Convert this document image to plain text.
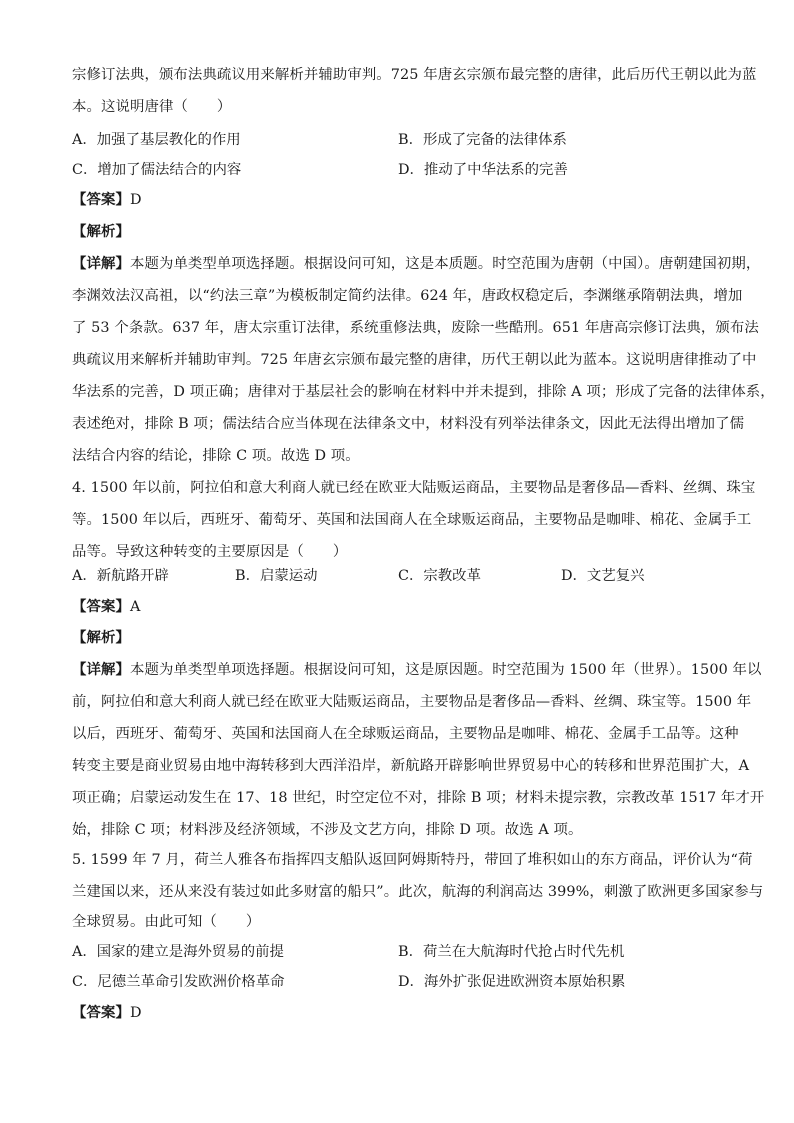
宗修订法典，颁布法典疏议用来解析并辅助审判。725 年唐玄宗颁布最完整的唐律，此后历代王朝以此为蓝
本。这说明唐律（　　）
A．加强了基层教化的作用	B．形成了完备的法律体系
C．增加了儒法结合的内容	D．推动了中华法系的完善
【答案】D
【解析】
【详解】本题为单类型单项选择题。根据设问可知，这是本质题。时空范围为唐朝（中国）。唐朝建国初期，
李渊效法汉高祖，以“约法三章”为模板制定简约法律。624 年，唐政权稳定后，李渊继承隋朝法典，增加
了 53 个条款。637 年，唐太宗重订法律，系统重修法典，废除一些酷刑。651 年唐高宗修订法典，颁布法
典疏议用来解析并辅助审判。725 年唐玄宗颁布最完整的唐律，历代王朝以此为蓝本。这说明唐律推动了中
华法系的完善，D 项正确；唐律对于基层社会的影响在材料中并未提到，排除 A 项；形成了完备的法律体系，
表述绝对，排除 B 项；儒法结合应当体现在法律条文中，材料没有列举法律条文，因此无法得出增加了儒
法结合内容的结论，排除 C 项。故选 D 项。
4. 1500 年以前，阿拉伯和意大利商人就已经在欧亚大陆贩运商品，主要物品是奢侈品—香料、丝绸、珠宝
等。1500 年以后，西班牙、葡萄牙、英国和法国商人在全球贩运商品，主要物品是咖啡、棉花、金属手工
品等。导致这种转变的主要原因是（　　）
A．新航路开辟	B．启蒙运动	C．宗教改革	D．文艺复兴
【答案】A
【解析】
【详解】本题为单类型单项选择题。根据设问可知，这是原因题。时空范围为 1500 年（世界）。1500 年以
前，阿拉伯和意大利商人就已经在欧亚大陆贩运商品，主要物品是奢侈品—香料、丝绸、珠宝等。1500 年
以后，西班牙、葡萄牙、英国和法国商人在全球贩运商品，主要物品是咖啡、棉花、金属手工品等。这种
转变主要是商业贸易由地中海转移到大西洋沿岸，新航路开辟影响世界贸易中心的转移和世界范围扩大，A
项正确；启蒙运动发生在 17、18 世纪，时空定位不对，排除 B 项；材料未提宗教，宗教改革 1517 年才开
始，排除 C 项；材料涉及经济领域，不涉及文艺方向，排除 D 项。故选 A 项。
5. 1599 年 7 月，荷兰人雅各布指挥四支船队返回阿姆斯特丹，带回了堆积如山的东方商品，评价认为“荷
兰建国以来，还从来没有装过如此多财富的船只”。此次，航海的利润高达 399%，刺激了欧洲更多国家参与
全球贸易。由此可知（　　）
A．国家的建立是海外贸易的前提	B．荷兰在大航海时代抢占时代先机
C．尼德兰革命引发欧洲价格革命	D．海外扩张促进欧洲资本原始积累
【答案】D
